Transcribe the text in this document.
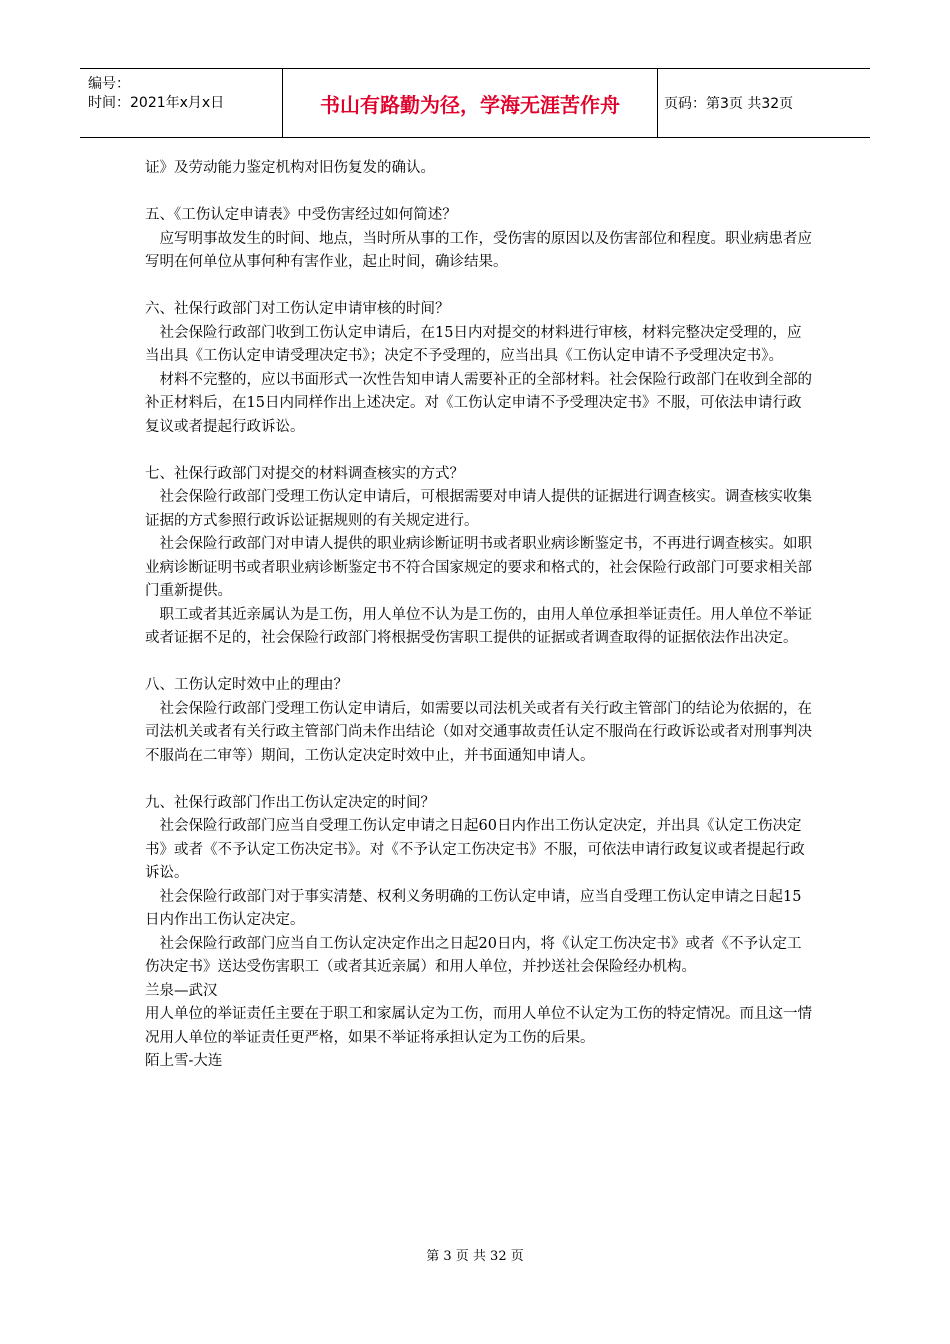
编号：
时间：2021年x月x日	书山有路勤为径，学海无涯苦作舟	页码：第3页 共32页

证》及劳动能力鉴定机构对旧伤复发的确认。

五、《工伤认定申请表》中受伤害经过如何简述？

应写明事故发生的时间、地点，当时所从事的工作，受伤害的原因以及伤害部位和程度。职业病患者应写明在何单位从事何种有害作业，起止时间，确诊结果。

六、社保行政部门对工伤认定申请审核的时间？

社会保险行政部门收到工伤认定申请后，在15日内对提交的材料进行审核，材料完整决定受理的，应当出具《工伤认定申请受理决定书》；决定不予受理的，应当出具《工伤认定申请不予受理决定书》。

材料不完整的，应以书面形式一次性告知申请人需要补正的全部材料。社会保险行政部门在收到全部的补正材料后，在15日内同样作出上述决定。对《工伤认定申请不予受理决定书》不服，可依法申请行政复议或者提起行政诉讼。

七、社保行政部门对提交的材料调查核实的方式？

社会保险行政部门受理工伤认定申请后，可根据需要对申请人提供的证据进行调查核实。调查核实收集证据的方式参照行政诉讼证据规则的有关规定进行。

社会保险行政部门对申请人提供的职业病诊断证明书或者职业病诊断鉴定书，不再进行调查核实。如职业病诊断证明书或者职业病诊断鉴定书不符合国家规定的要求和格式的，社会保险行政部门可要求相关部门重新提供。

职工或者其近亲属认为是工伤，用人单位不认为是工伤的，由用人单位承担举证责任。用人单位不举证或者证据不足的，社会保险行政部门将根据受伤害职工提供的证据或者调查取得的证据依法作出决定。

八、工伤认定时效中止的理由？

社会保险行政部门受理工伤认定申请后，如需要以司法机关或者有关行政主管部门的结论为依据的，在司法机关或者有关行政主管部门尚未作出结论（如对交通事故责任认定不服尚在行政诉讼或者对刑事判决不服尚在二审等）期间，工伤认定决定时效中止，并书面通知申请人。

九、社保行政部门作出工伤认定决定的时间？

社会保险行政部门应当自受理工伤认定申请之日起60日内作出工伤认定决定，并出具《认定工伤决定书》或者《不予认定工伤决定书》。对《不予认定工伤决定书》不服，可依法申请行政复议或者提起行政诉讼。

社会保险行政部门对于事实清楚、权利义务明确的工伤认定申请，应当自受理工伤认定申请之日起15日内作出工伤认定决定。

社会保险行政部门应当自工伤认定决定作出之日起20日内，将《认定工伤决定书》或者《不予认定工伤决定书》送达受伤害职工（或者其近亲属）和用人单位，并抄送社会保险经办机构。

兰泉—武汉

用人单位的举证责任主要在于职工和家属认定为工伤，而用人单位不认定为工伤的特定情况。而且这一情况用人单位的举证责任更严格，如果不举证将承担认定为工伤的后果。

陌上雪-大连

第 3 页 共 32 页
